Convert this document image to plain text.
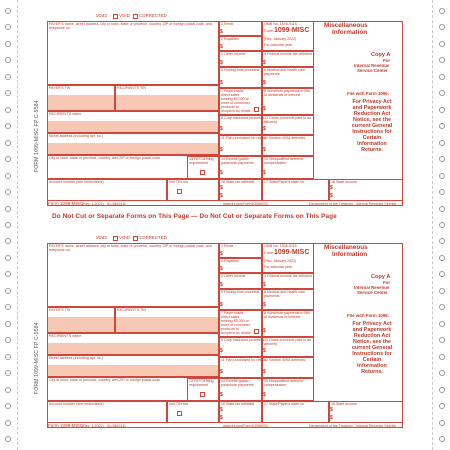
FORM 1099-MISC FP C-9584
FORM 1099-MISC FP C-9584
9595	VOID CORRECTED
PAYER'S name, street address, city or town, state or province, country, ZIP or foreign postal code, and telephone no.
1 Rents
$
2 Royalties
$
3 Other income
$
OMB No. 1545-0115
Form 1099-MISC
(Rev. January 2022)
For calendar year
4 Federal income tax withheld
$
Miscellaneous
Information
PAYER'S TIN	RECIPIENT'S TIN
5 Fishing boat proceeds
$
6 Medical and health care payments
$
Copy A
For
Internal Revenue
Service Center
RECIPIENT'S name
7 Payer made direct sales totaling $5,000 or more of consumer products to recipient for resale
8 Substitute payments in lieu of dividends or interest
$
File with Form 1096.
For Privacy Act
and Paperwork
Reduction Act
Notice, see the
current General
Instructions for
Certain
Information
Returns.
Street address (including apt. no.)
9 Crop insurance proceeds
$
10 Gross proceeds paid to an attorney
$
City or town, state or province, country, and ZIP or foreign postal code
11 Fish purchased for resale
$
12 Section 409A deferrals
$
13 FATCA filing requirement
14 Excess golden parachute payments
$
15 Nonqualified deferred compensation
$
Account number (see instructions)	2nd TIN not.	16 State tax withheld
$
$
17 State/Payer's state no.	18 State income
$
$
Form 1099-MISC
(Rev. 1-2022) 41-0852411	www.irs.gov/Form1099MISC	Department of the Treasury - Internal Revenue Service
Do Not Cut or Separate Forms on This Page — Do Not Cut or Separate Forms on This Page
9595	VOID CORRECTED
PAYER'S name, street address, city or town, state or province, country, ZIP or foreign postal code, and telephone no.
1 Rents
$
2 Royalties
$
3 Other income
$
OMB No. 1545-0115
Form 1099-MISC
(Rev. January 2022)
For calendar year
4 Federal income tax withheld
$
Miscellaneous
Information
PAYER'S TIN	RECIPIENT'S TIN
5 Fishing boat proceeds
$
6 Medical and health care payments
$
Copy A
For
Internal Revenue
Service Center
RECIPIENT'S name
7 Payer made direct sales totaling $5,000 or more of consumer products to recipient for resale
8 Substitute payments in lieu of dividends or interest
$
File with Form 1096.
For Privacy Act
and Paperwork
Reduction Act
Notice, see the
current General
Instructions for
Certain
Information
Returns.
Street address (including apt. no.)
9 Crop insurance proceeds
$
10 Gross proceeds paid to an attorney
$
City or town, state or province, country, and ZIP or foreign postal code
11 Fish purchased for resale
$
12 Section 409A deferrals
$
13 FATCA filing requirement
14 Excess golden parachute payments
$
15 Nonqualified deferred compensation
$
Account number (see instructions)	2nd TIN not.	16 State tax withheld
$
$
17 State/Payer's state no.	18 State income
$
$
Form 1099-MISC
(Rev. 1-2022) 41-0852411	www.irs.gov/Form1099MISC	Department of the Treasury - Internal Revenue Service
